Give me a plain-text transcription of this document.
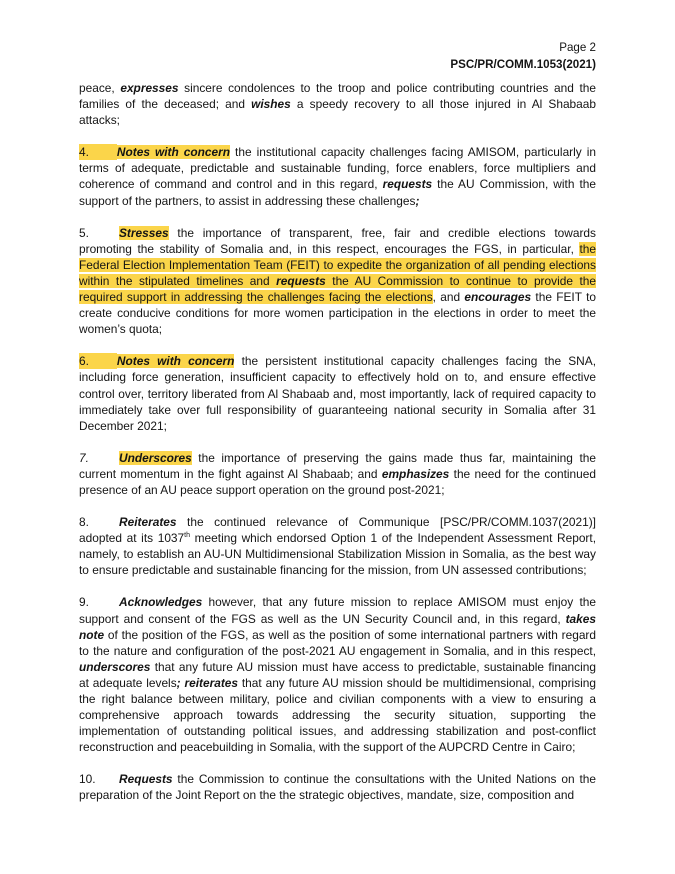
Page 2
PSC/PR/COMM.1053(2021)

peace, expresses sincere condolences to the troop and police contributing countries and the families of the deceased; and wishes a speedy recovery to all those injured in Al Shabaab attacks;

4. Notes with concern the institutional capacity challenges facing AMISOM, particularly in terms of adequate, predictable and sustainable funding, force enablers, force multipliers and coherence of command and control and in this regard, requests the AU Commission, with the support of the partners, to assist in addressing these challenges;

5.	Stresses the importance of transparent, free, fair and credible elections towards promoting the stability of Somalia and, in this respect, encourages the FGS, in particular, the Federal Election Implementation Team (FEIT) to expedite the organization of all pending elections within the stipulated timelines and requests the AU Commission to continue to provide the required support in addressing the challenges facing the elections, and encourages the FEIT to create conducive conditions for more women participation in the elections in order to meet the women’s quota;

6. Notes with concern the persistent institutional capacity challenges facing the SNA, including force generation, insufficient capacity to effectively hold on to, and ensure effective control over, territory liberated from Al Shabaab and, most importantly, lack of required capacity to immediately take over full responsibility of guaranteeing national security in Somalia after 31 December 2021;

7.	Underscores the importance of preserving the gains made thus far, maintaining the current momentum in the fight against Al Shabaab; and emphasizes the need for the continued presence of an AU peace support operation on the ground post-2021;

8.	Reiterates the continued relevance of Communique [PSC/PR/COMM.1037(2021)] adopted at its 1037th meeting which endorsed Option 1 of the Independent Assessment Report, namely, to establish an AU-UN Multidimensional Stabilization Mission in Somalia, as the best way to ensure predictable and sustainable financing for the mission, from UN assessed contributions;

9.	Acknowledges however, that any future mission to replace AMISOM must enjoy the support and consent of the FGS as well as the UN Security Council and, in this regard, takes note of the position of the FGS, as well as the position of some international partners with regard to the nature and configuration of the post-2021 AU engagement in Somalia, and in this respect, underscores that any future AU mission must have access to predictable, sustainable financing at adequate levels; reiterates that any future AU mission should be multidimensional, comprising the right balance between military, police and civilian components with a view to ensuring a comprehensive approach towards addressing the security situation, supporting the implementation of outstanding political issues, and addressing stabilization and post-conflict reconstruction and peacebuilding in Somalia, with the support of the AUPCRD Centre in Cairo;

10. Requests the Commission to continue the consultations with the United Nations on the preparation of the Joint Report on the the strategic objectives, mandate, size, composition and
